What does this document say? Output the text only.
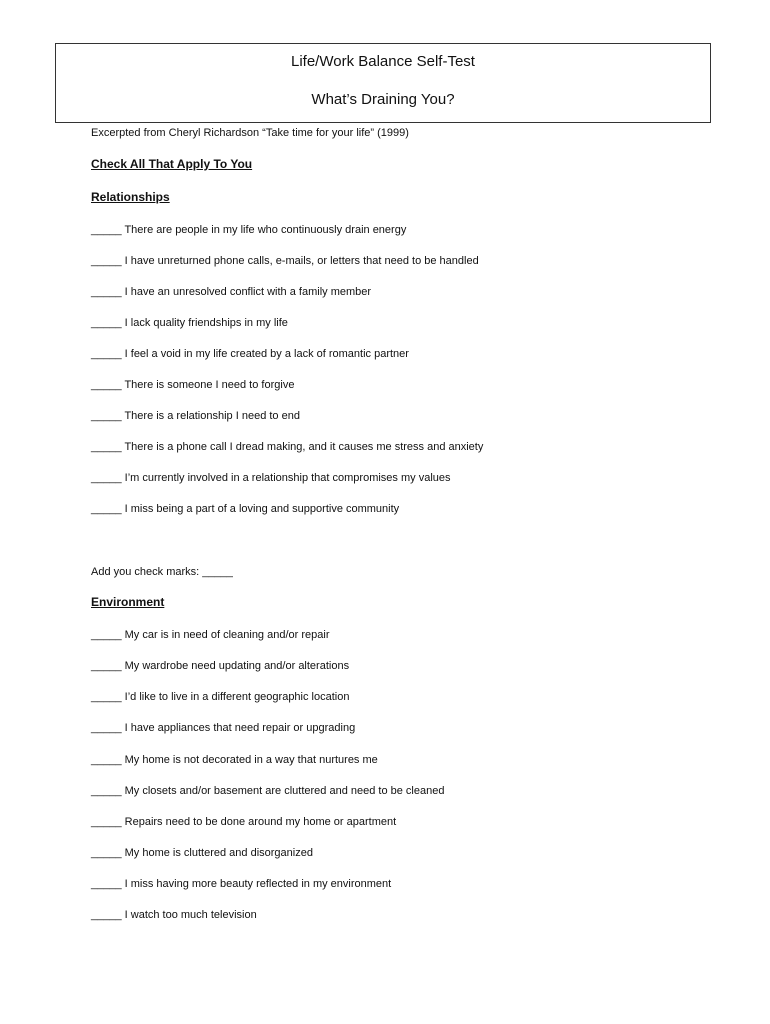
Life/Work Balance Self-Test
What’s Draining You?
Excerpted from Cheryl Richardson “Take time for your life” (1999)
Check All That Apply To You
Relationships
_____ There are people in my life who continuously drain energy
_____ I have unreturned phone calls, e-mails, or letters that need to be handled
_____ I have an unresolved conflict with a family member
_____ I lack quality friendships in my life
_____ I feel a void in my life created by a lack of romantic partner
_____ There is someone I need to forgive
_____ There is a relationship I need to end
_____ There is a phone call I dread making, and it causes me stress and anxiety
_____ I’m currently involved in a relationship that compromises my values
_____ I miss being a part of a loving and supportive community
Add you check marks: _____
Environment
_____ My car is in need of cleaning and/or repair
_____ My wardrobe need updating and/or alterations
_____ I’d like to live in a different geographic location
_____ I have appliances that need repair or upgrading
_____ My home is not decorated in a way that nurtures me
_____ My closets and/or basement are cluttered and need to be cleaned
_____ Repairs need to be done around my home or apartment
_____ My home is cluttered and disorganized
_____ I miss having more beauty reflected in my environment
_____ I watch too much television
